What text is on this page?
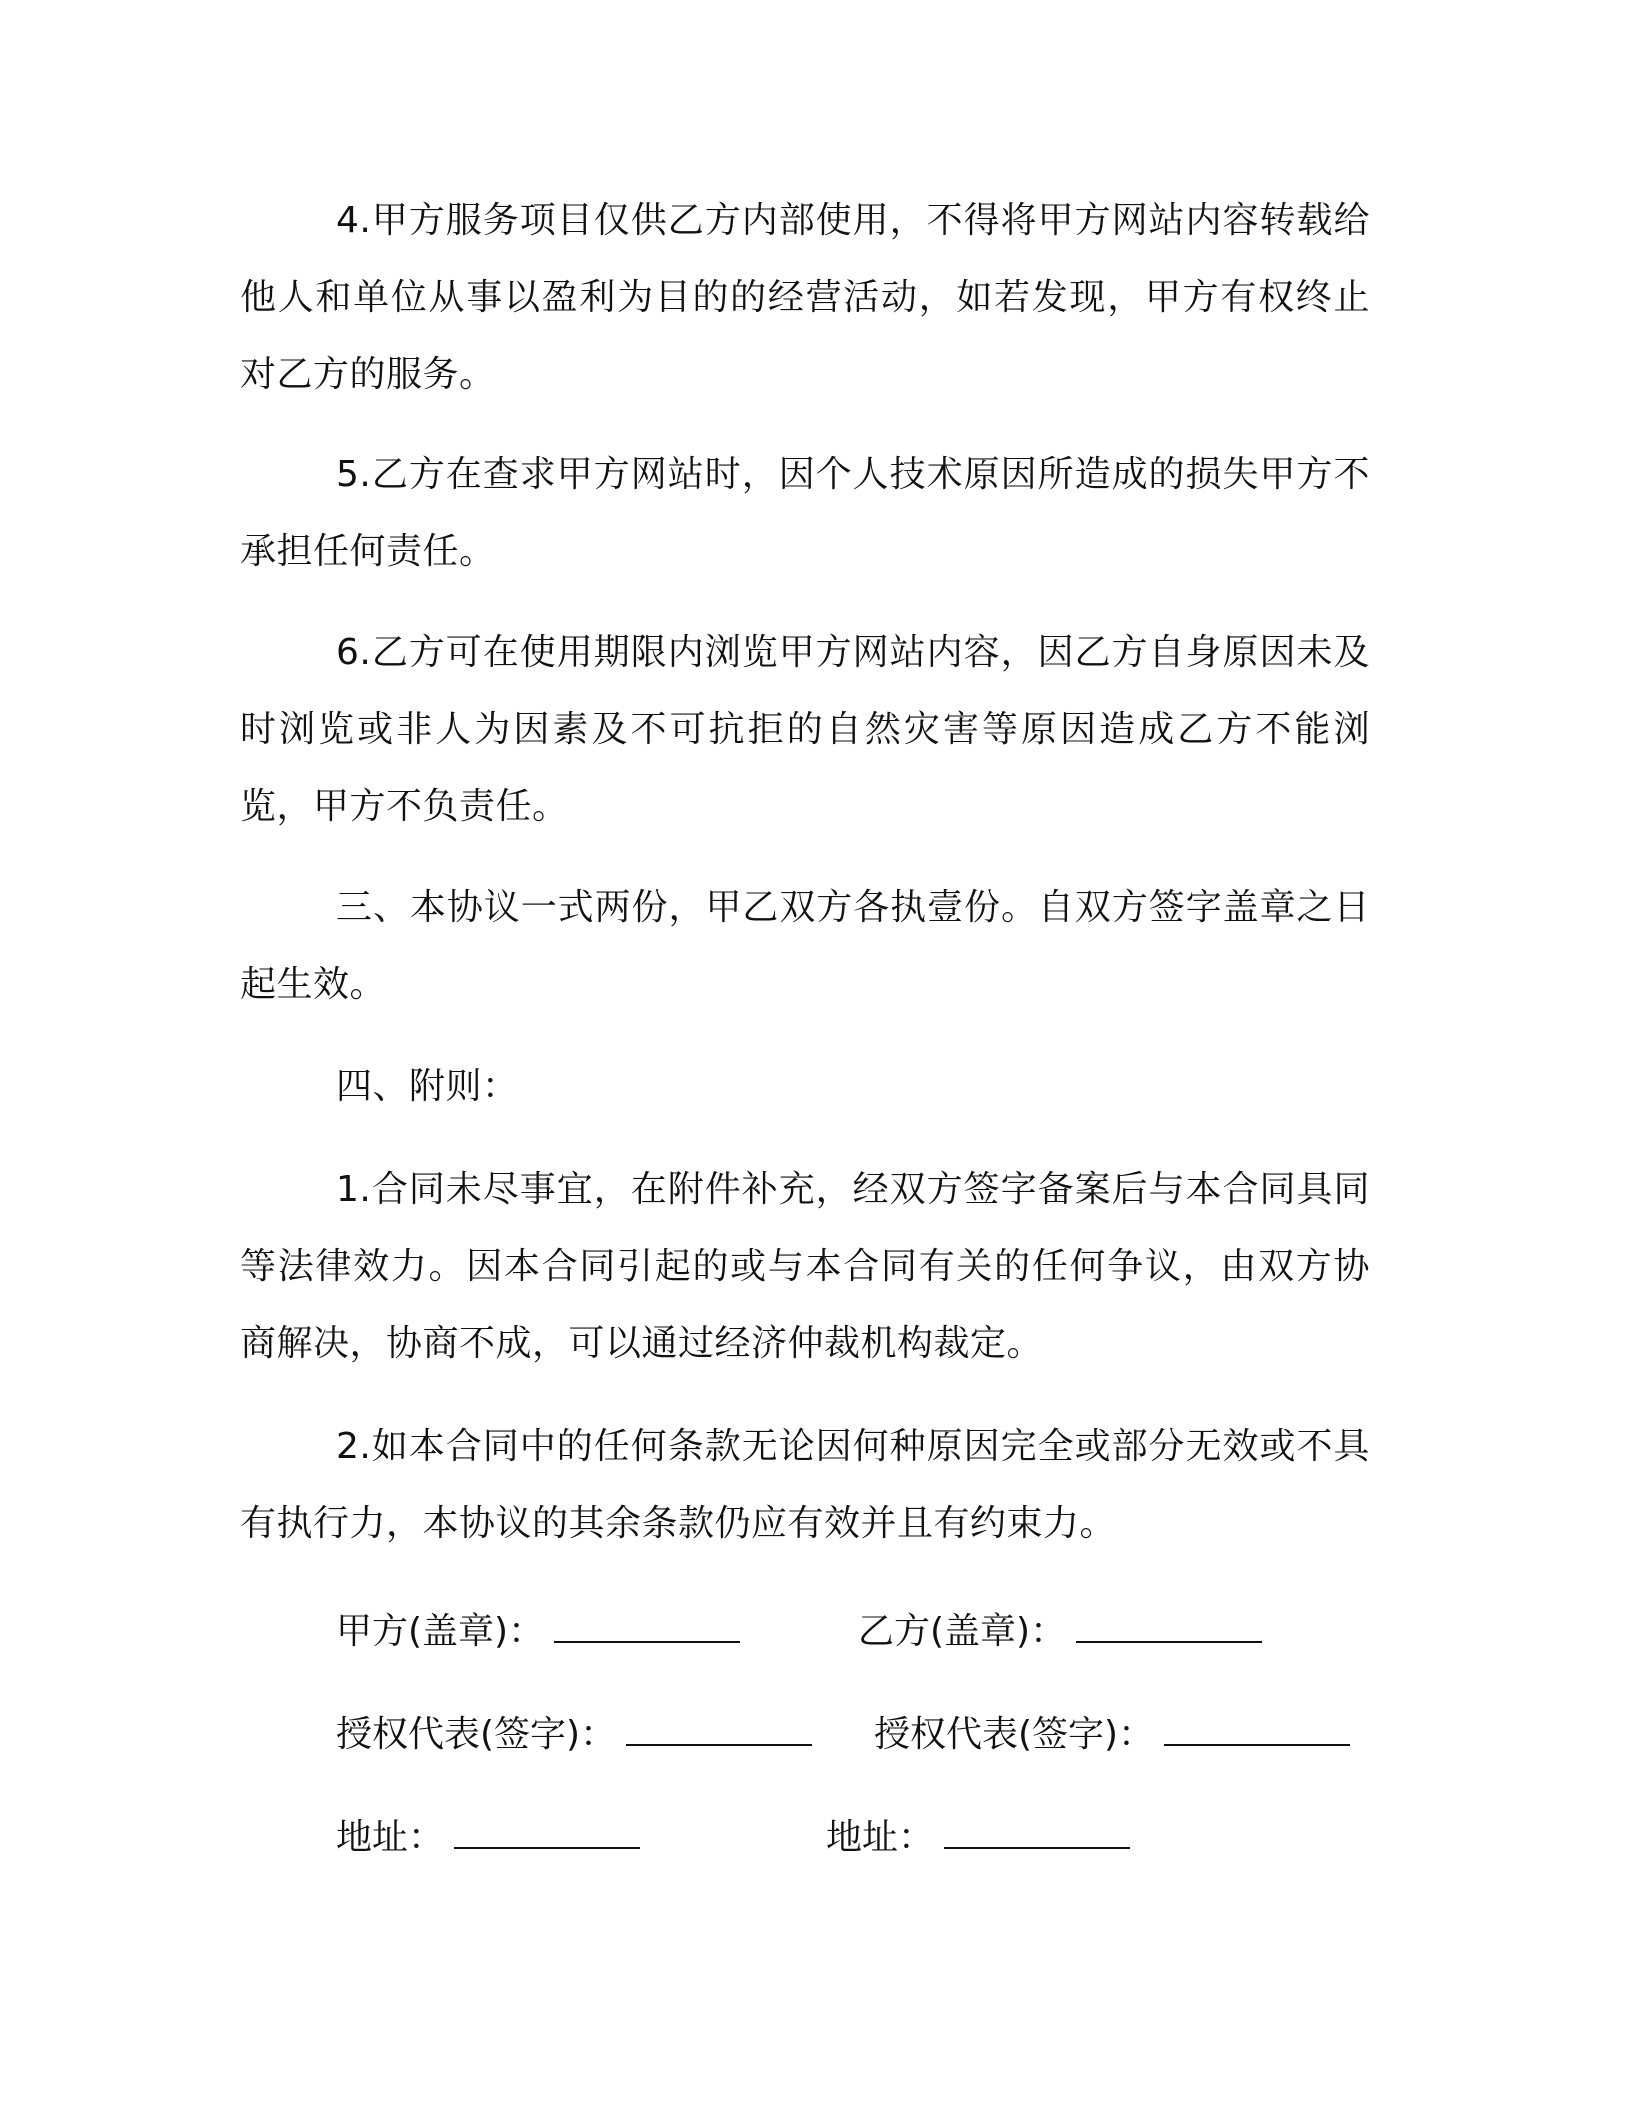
4.甲方服务项目仅供乙方内部使用，不得将甲方网站内容转载给他人和单位从事以盈利为目的的经营活动，如若发现，甲方有权终止对乙方的服务。

5.乙方在查求甲方网站时，因个人技术原因所造成的损失甲方不承担任何责任。

6.乙方可在使用期限内浏览甲方网站内容，因乙方自身原因未及时浏览或非人为因素及不可抗拒的自然灾害等原因造成乙方不能浏览，甲方不负责任。

三、本协议一式两份，甲乙双方各执壹份。自双方签字盖章之日起生效。

四、附则：

1.合同未尽事宜，在附件补充，经双方签字备案后与本合同具同等法律效力。因本合同引起的或与本合同有关的任何争议，由双方协商解决，协商不成，可以通过经济仲裁机构裁定。

2.如本合同中的任何条款无论因何种原因完全或部分无效或不具有执行力，本协议的其余条款仍应有效并且有约束力。

甲方(盖章)：	乙方(盖章)：
授权代表(签字)：	授权代表(签字)：
地址：	地址：
